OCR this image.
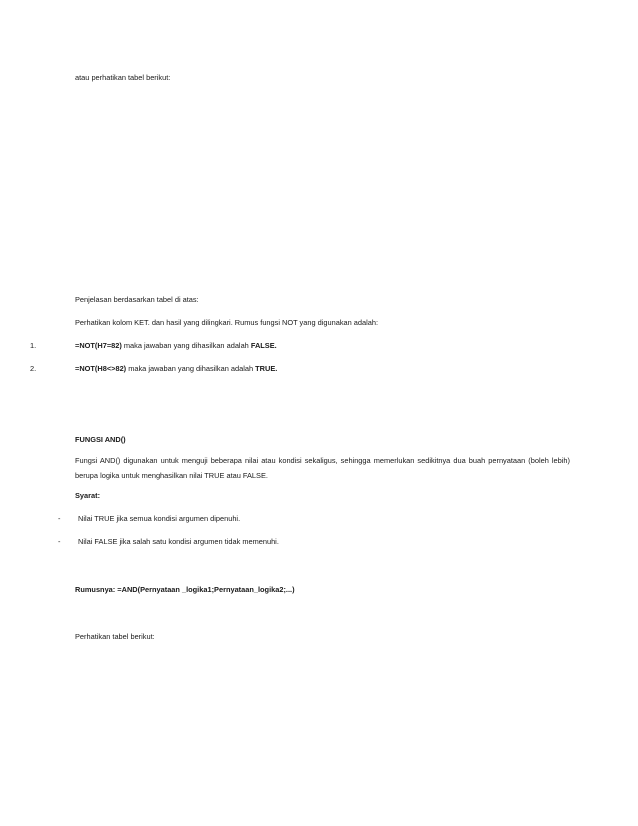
atau perhatikan tabel berikut:
Penjelasan berdasarkan tabel di atas:
Perhatikan kolom KET. dan hasil yang dilingkari. Rumus fungsi NOT yang digunakan adalah:
1.	=NOT(H7=82) maka jawaban yang dihasilkan adalah FALSE.
2.	=NOT(H8<>82) maka jawaban yang dihasilkan adalah TRUE.
FUNGSI AND()
Fungsi AND() digunakan untuk menguji beberapa nilai atau kondisi sekaligus, sehingga memerlukan sedikitnya dua buah pernyataan (boleh lebih) berupa logika untuk menghasilkan nilai TRUE atau FALSE.
Syarat:
- Nilai TRUE jika semua kondisi argumen dipenuhi.
- Nilai FALSE jika salah satu kondisi argumen tidak memenuhi.
Rumusnya: =AND(Pernyataan _logika1;Pernyataan_logika2;...)
Perhatikan tabel berikut:
